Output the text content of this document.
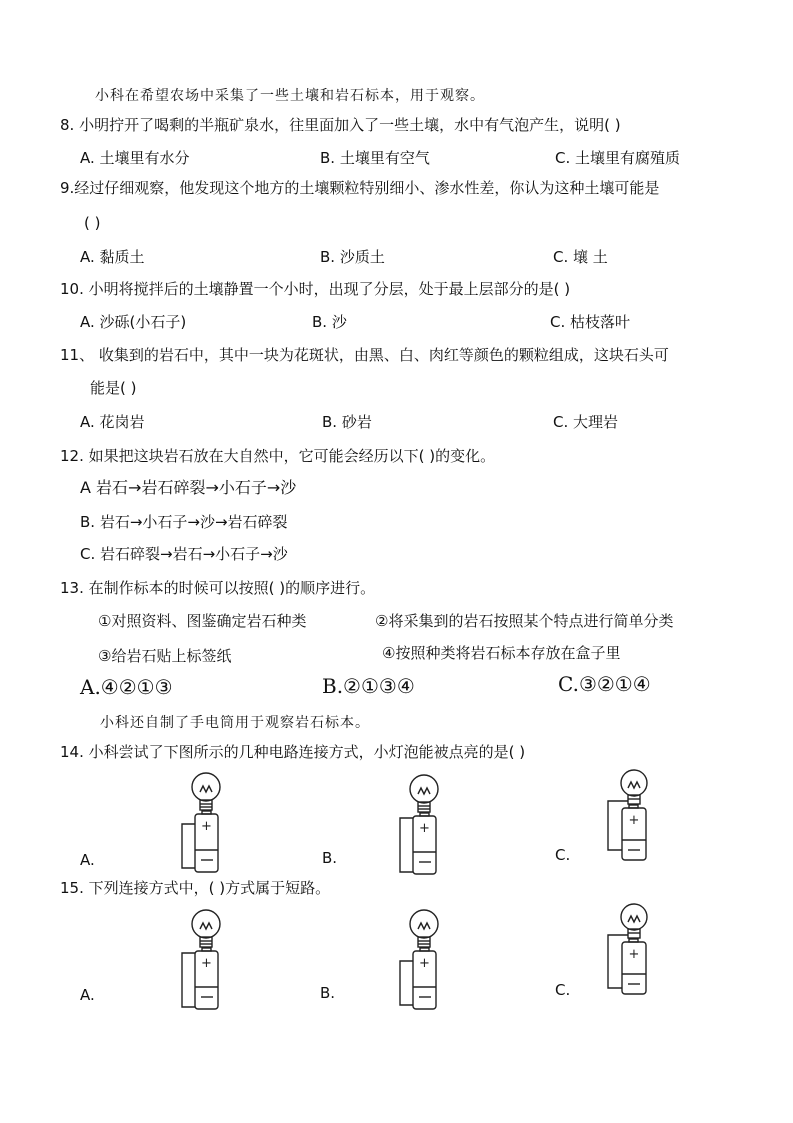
小科在希望农场中采集了一些土壤和岩石标本，用于观察。
8. 小明拧开了喝剩的半瓶矿泉水，往里面加入了一些土壤，水中有气泡产生，说明( )
A. 土壤里有水分	B. 土壤里有空气	C. 土壤里有腐殖质
9.经过仔细观察，他发现这个地方的土壤颗粒特别细小、渗水性差，你认为这种土壤可能是
( )
A. 黏质土	B. 沙质土	C. 壤 土
10. 小明将搅拌后的土壤静置一个小时，出现了分层，处于最上层部分的是( )
A. 沙砾(小石子)	B. 沙	C. 枯枝落叶
11、 收集到的岩石中，其中一块为花斑状，由黑、白、肉红等颜色的颗粒组成，这块石头可
能是( )
A. 花岗岩	B. 砂岩	C. 大理岩
12. 如果把这块岩石放在大自然中，它可能会经历以下( )的变化。
A 岩石→岩石碎裂→小石子→沙
B. 岩石→小石子→沙→岩石碎裂
C. 岩石碎裂→岩石→小石子→沙
13. 在制作标本的时候可以按照( )的顺序进行。
①对照资料、图鉴确定岩石种类	②将采集到的岩石按照某个特点进行简单分类
③给岩石贴上标签纸	④按照种类将岩石标本存放在盒子里
A.④②①③	B.②①③④	C.③②①④
小科还自制了手电筒用于观察岩石标本。
14. 小科尝试了下图所示的几种电路连接方式，小灯泡能被点亮的是( )
A.	B.	C.
+	+
+
15. 下列连接方式中，( )方式属于短路。
A.	B.	C.
+	+
+
